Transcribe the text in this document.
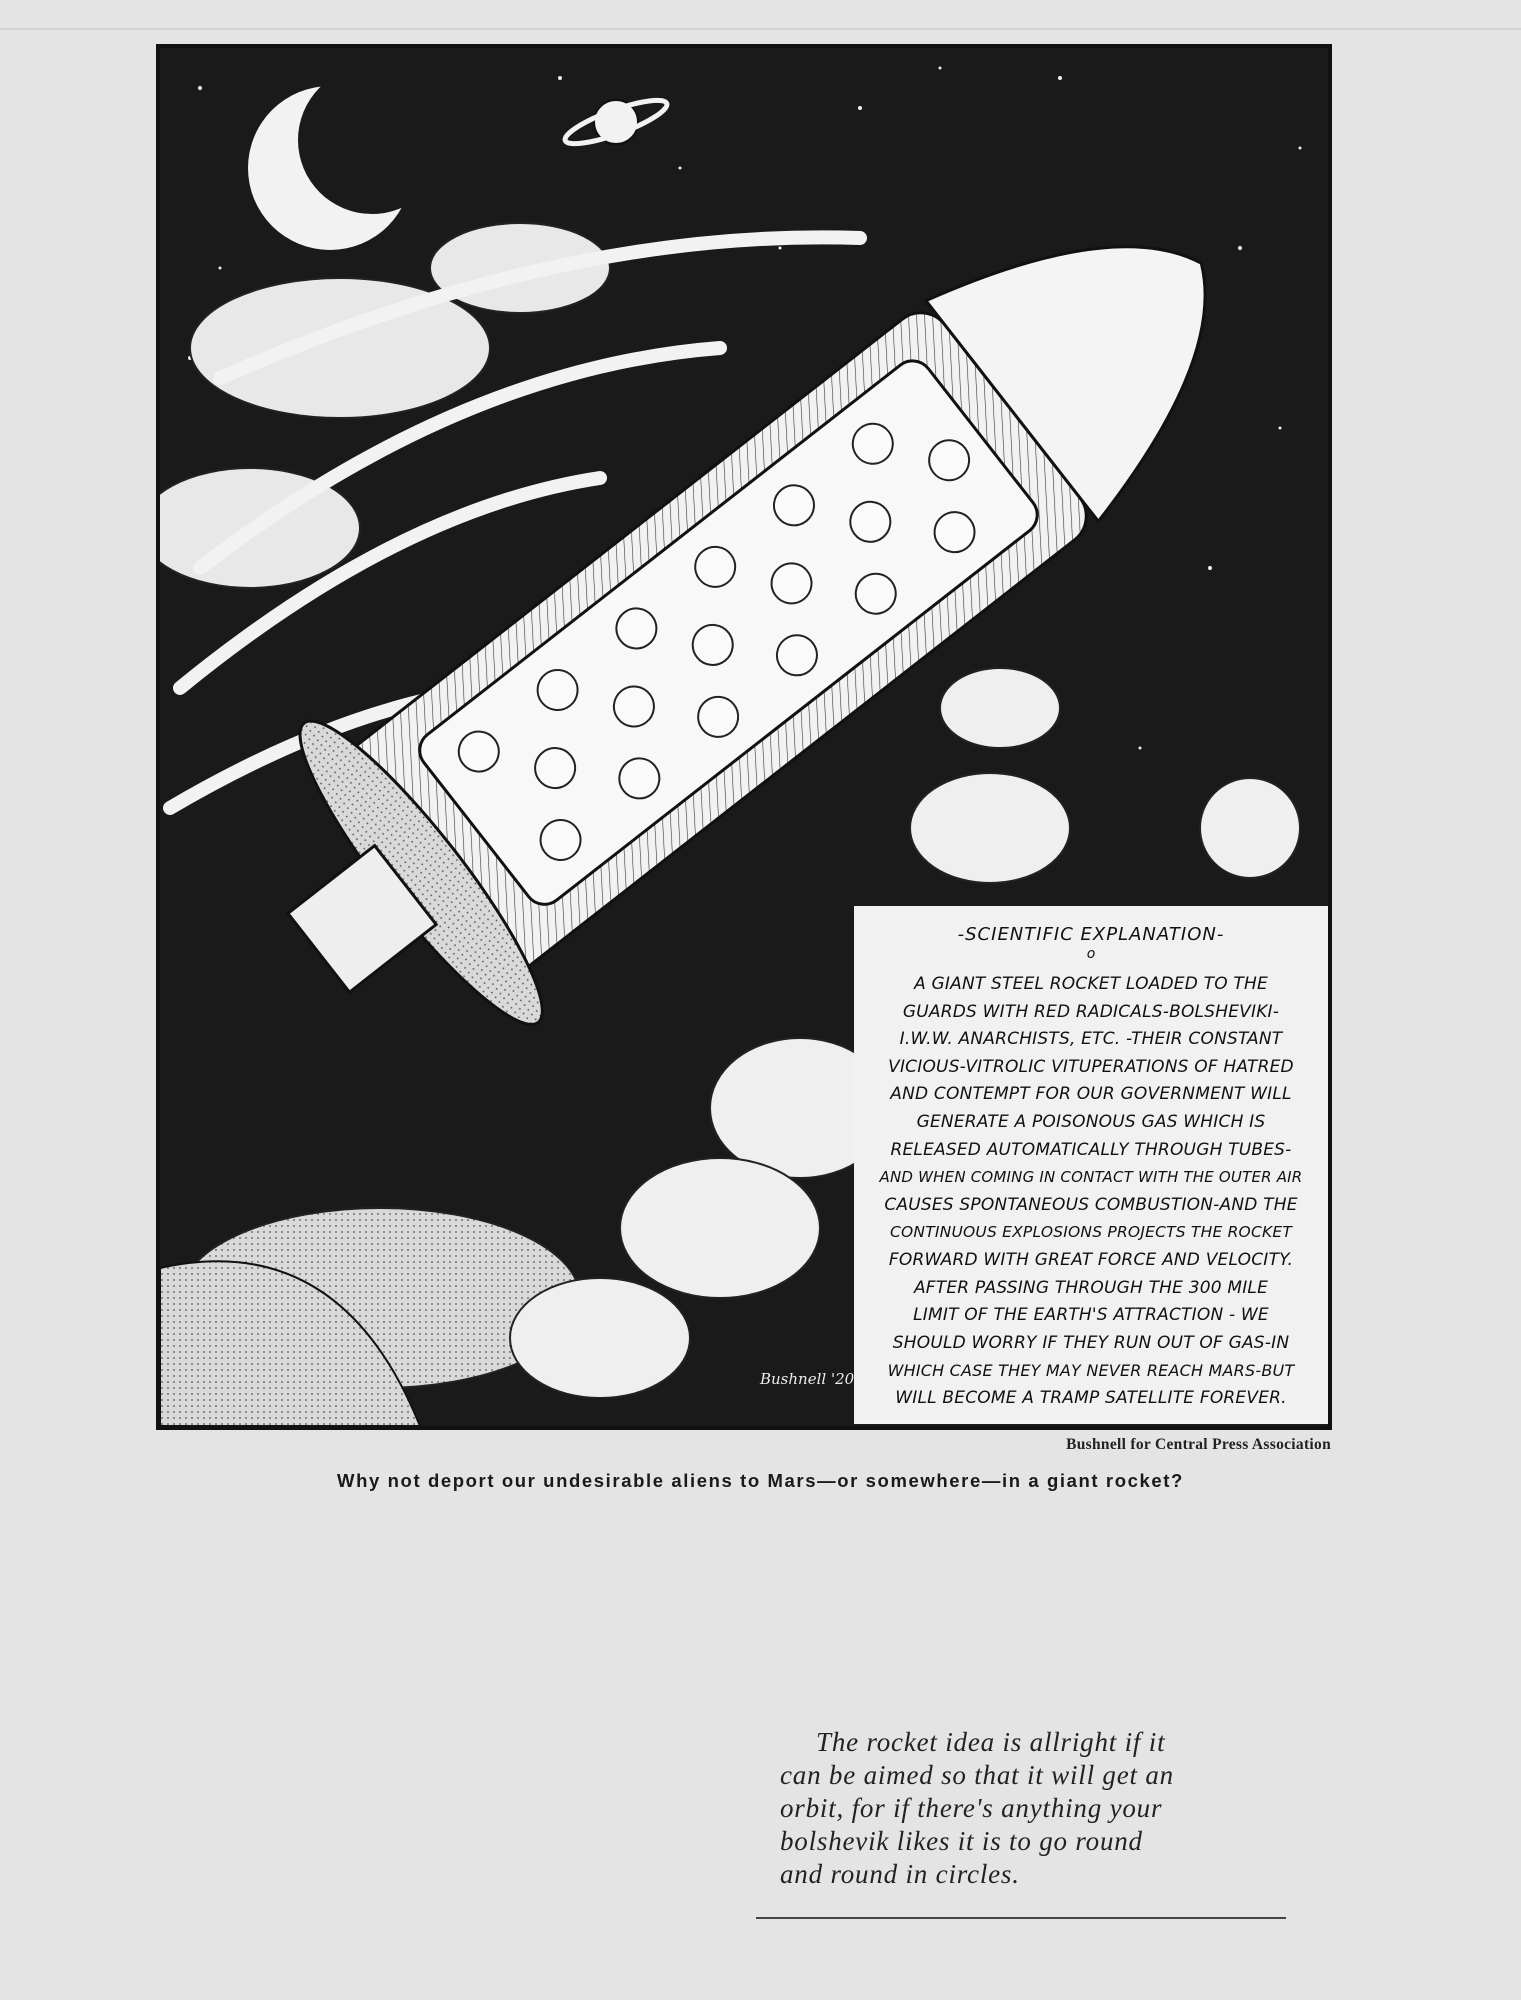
-SCIENTIFIC EXPLANATION-
o
A GIANT STEEL ROCKET LOADED TO THE
GUARDS WITH RED RADICALS-BOLSHEVIKI-
I.W.W. ANARCHISTS, ETC. -THEIR CONSTANT
VICIOUS-VITROLIC VITUPERATIONS OF HATRED
AND CONTEMPT FOR OUR GOVERNMENT WILL
GENERATE A POISONOUS GAS WHICH IS
RELEASED AUTOMATICALLY THROUGH TUBES-
AND WHEN COMING IN CONTACT WITH THE OUTER AIR
CAUSES SPONTANEOUS COMBUSTION-AND THE
CONTINUOUS EXPLOSIONS PROJECTS THE ROCKET
FORWARD WITH GREAT FORCE AND VELOCITY.
AFTER PASSING THROUGH THE 300 MILE
LIMIT OF THE EARTH'S ATTRACTION - WE
SHOULD WORRY IF THEY RUN OUT OF GAS-IN
WHICH CASE THEY MAY NEVER REACH MARS-BUT
WILL BECOME A TRAMP SATELLITE FOREVER.
Bushnell '20
Bushnell for Central Press Association
Why not deport our undesirable aliens to Mars—or somewhere—in a giant rocket?
The rocket idea is allright if it
can be aimed so that it will get an
orbit, for if there's anything your
bolshevik likes it is to go round
and round in circles.
